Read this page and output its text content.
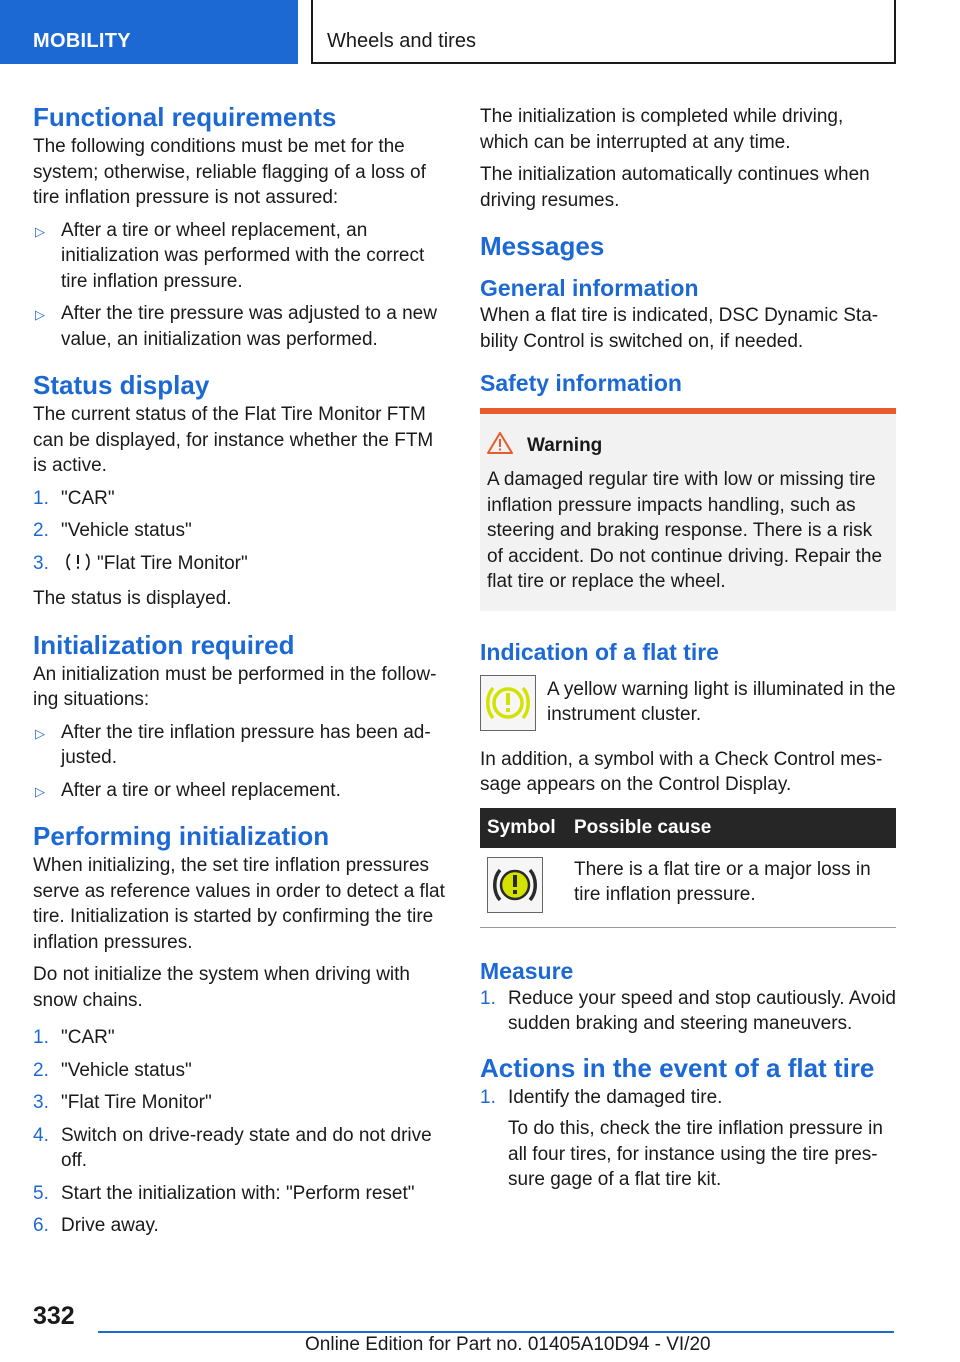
MOBILITY	Wheels and tires
Functional requirements

The following conditions must be met for the system; otherwise, reliable flagging of a loss of tire inflation pressure is not assured:

▷ After a tire or wheel replacement, an initialization was performed with the correct tire inflation pressure.
▷ After the tire pressure was adjusted to a new value, an initialization was performed.
Status display

The current status of the Flat Tire Monitor FTM can be displayed, for instance whether the FTM is active.

1. "CAR"
2. "Vehicle status"
3.	"Flat Tire Monitor"

The status is displayed.

Initialization required

An initialization must be performed in the following situations:

▷ After the tire inflation pressure has been adjusted.
▷ After a tire or wheel replacement.
Performing initialization

When initializing, the set tire inflation pressures serve as reference values in order to detect a flat tire. Initialization is started by confirming the tire inflation pressures.

Do not initialize the system when driving with snow chains.

1. "CAR"
2. "Vehicle status"
3. "Flat Tire Monitor"
4. Switch on drive-ready state and do not drive off.
5. Start the initialization with: "Perform reset"
6. Drive away.

The initialization is completed while driving, which can be interrupted at any time.

The initialization automatically continues when driving resumes.

Messages
General information

When a flat tire is indicated, DSC Dynamic Stability Control is switched on, if needed.

Safety information
Warning

A damaged regular tire with low or missing tire inflation pressure impacts handling, such as steering and braking response. There is a risk of accident. Do not continue driving. Repair the flat tire or replace the wheel.

Indication of a flat tire

A yellow warning light is illuminated in the instrument cluster.

In addition, a symbol with a Check Control message appears on the Control Display.

Symbol	Possible cause

	There is a flat tire or a major loss in tire inflation pressure.
Measure
1. Reduce your speed and stop cautiously. Avoid sudden braking and steering maneuvers.
Actions in the event of a flat tire
1. Identify the damaged tire.

To do this, check the tire inflation pressure in all four tires, for instance using the tire pressure gage of a flat tire kit.

332
Online Edition for Part no. 01405A10D94 - VI/20
